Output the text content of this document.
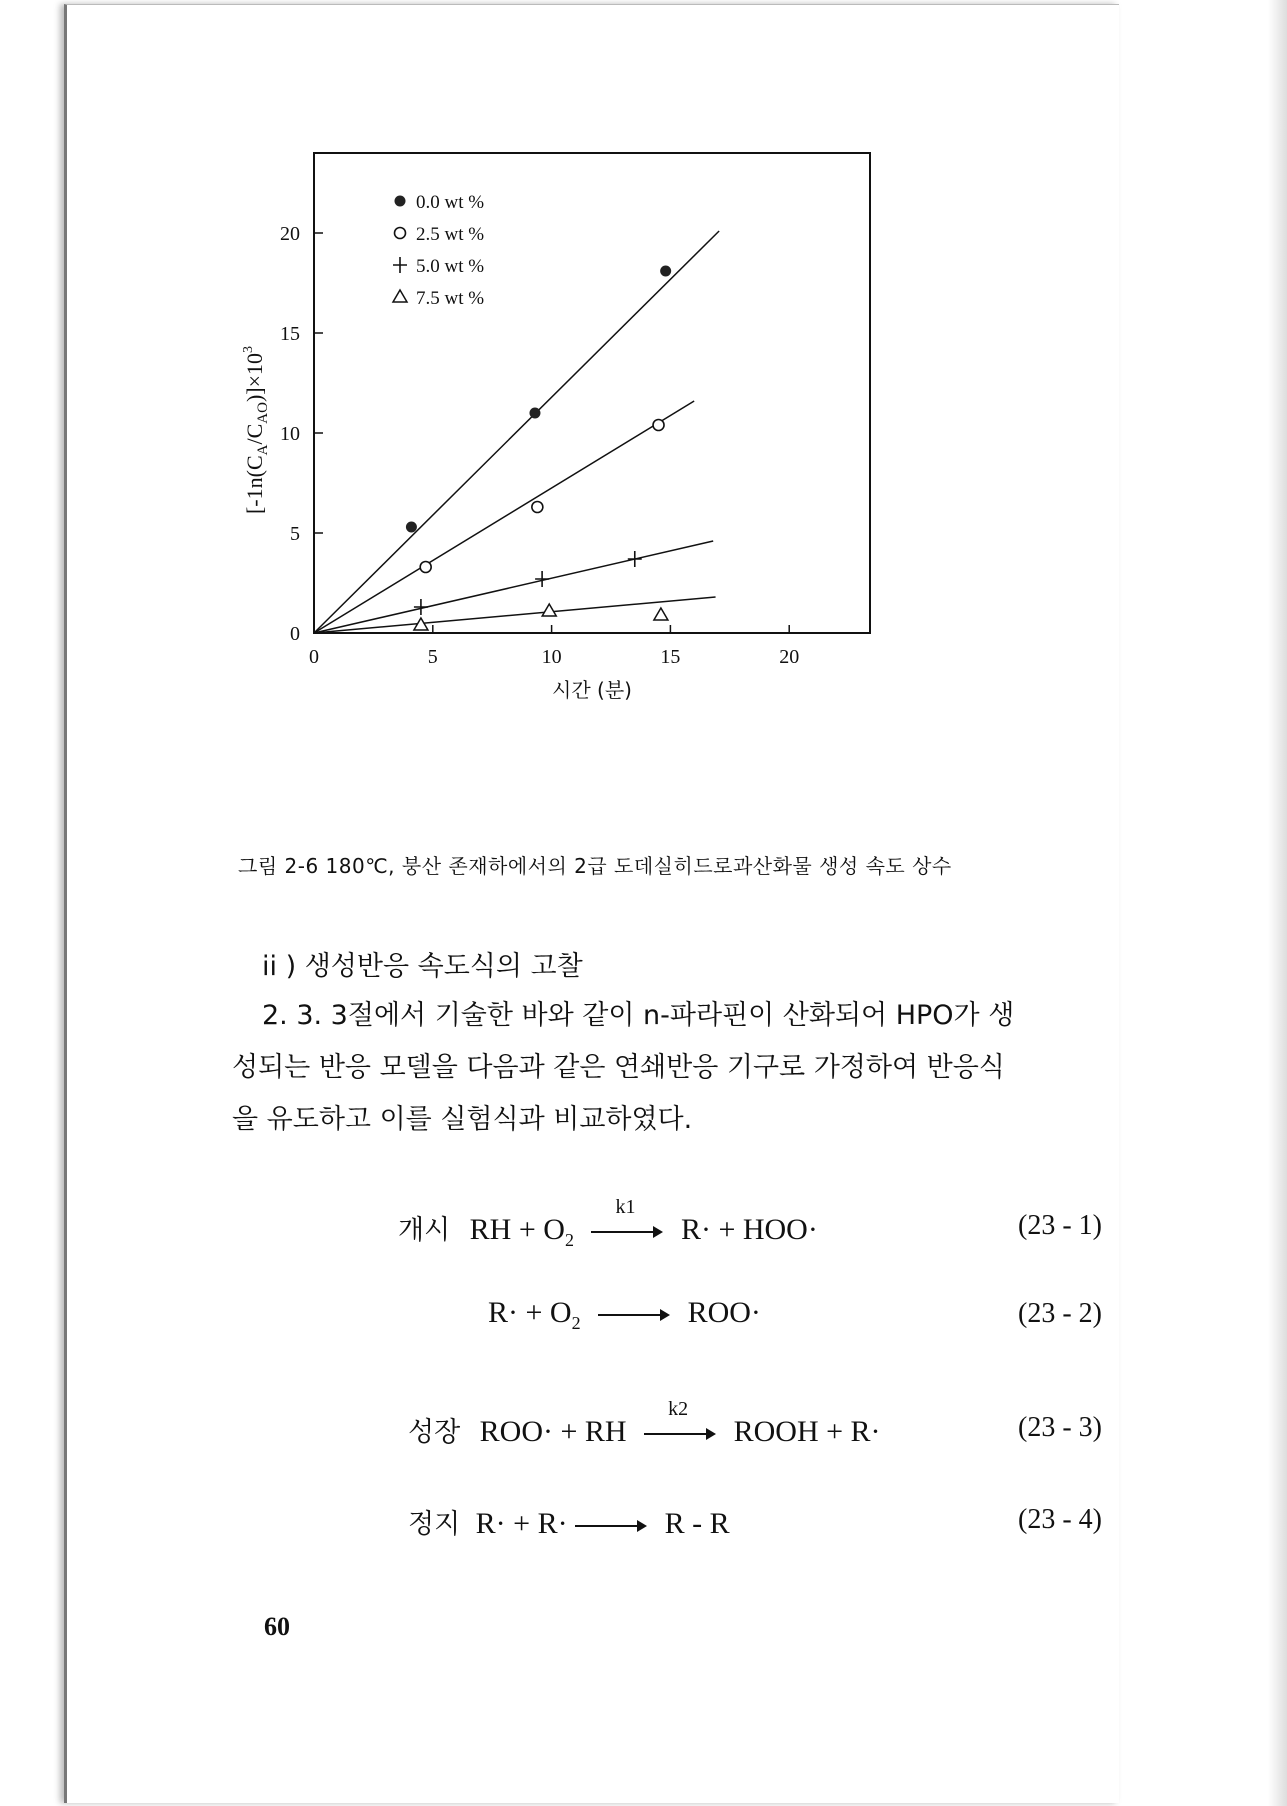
0	5	10	15	20
0
5
10
15
20
0.0 wt %
2.5 wt %
5.0 wt %
7.5 wt %
시간 (분)
$[-1n(C_A/C_{AO})]\times 10^3$
그림 2-6 180℃, 붕산 존재하에서의 2급 도데실히드로과산화물 생성 속도 상수
ii ) 생성반응 속도식의 고찰
2. 3. 3절에서 기술한 바와 같이 n-파라핀이 산화되어 HPO가 생
성되는 반응 모델을 다음과 같은 연쇄반응 기구로 가정하여 반응식
을 유도하고 이를 실험식과 비교하였다.
개시 RH + $O_2$
k1
R· + HOO·	(23 - 1)
$R\cdot + O_2$	ROO·	(23 - 2)
성장 ROO· + RH
k2
ROOH + R·	(23 - 3)
정지 R· + R·	R - R	(23 - 4)
60
